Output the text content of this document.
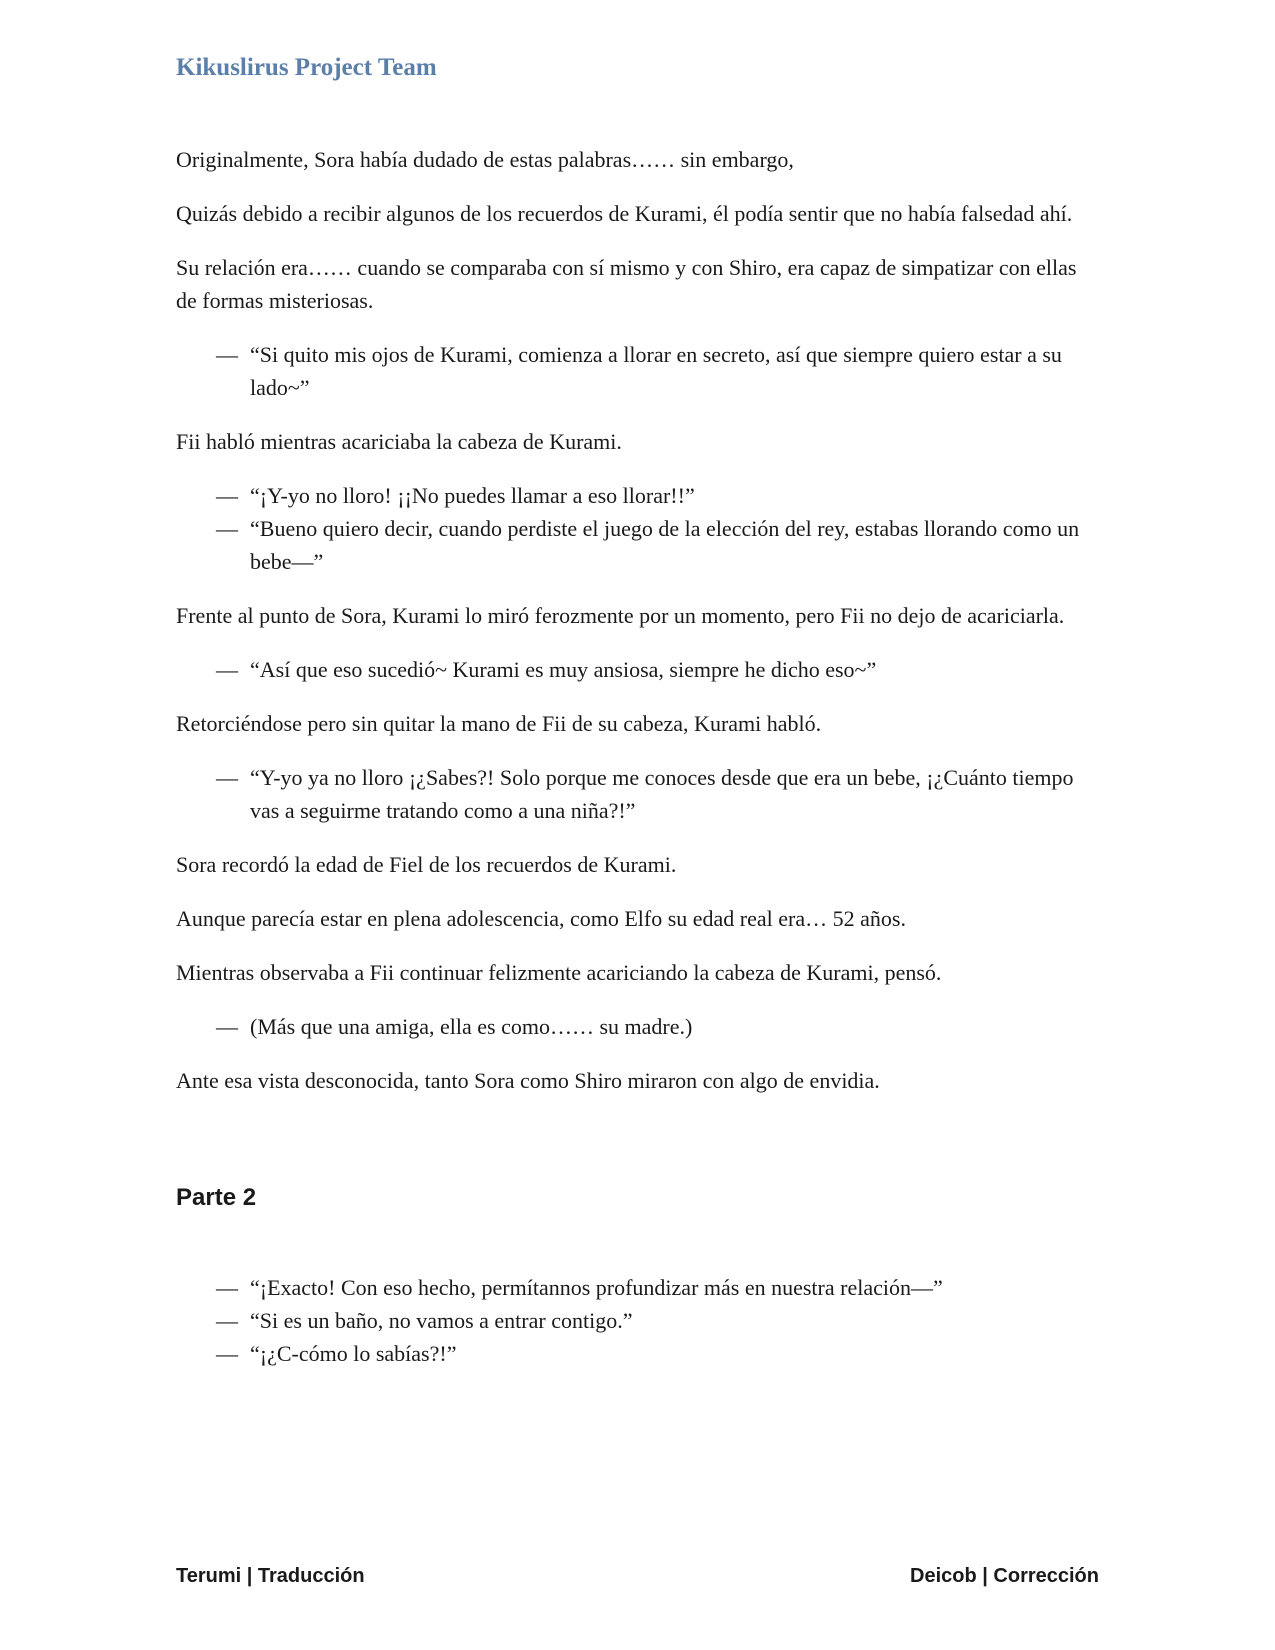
Kikuslirus Project Team

Originalmente, Sora había dudado de estas palabras…… sin embargo,

Quizás debido a recibir algunos de los recuerdos de Kurami, él podía sentir que no había falsedad ahí.

Su relación era…… cuando se comparaba con sí mismo y con Shiro, era capaz de simpatizar con ellas de formas misteriosas.

— “Si quito mis ojos de Kurami, comienza a llorar en secreto, así que siempre quiero estar a su lado~”

Fii habló mientras acariciaba la cabeza de Kurami.

— “¡Y-yo no lloro! ¡¡No puedes llamar a eso llorar!!”

— “Bueno quiero decir, cuando perdiste el juego de la elección del rey, estabas llorando como un bebe—”

Frente al punto de Sora, Kurami lo miró ferozmente por un momento, pero Fii no dejo de acariciarla.

— “Así que eso sucedió~ Kurami es muy ansiosa, siempre he dicho eso~”

Retorciéndose pero sin quitar la mano de Fii de su cabeza, Kurami habló.

— “Y-yo ya no lloro ¡¿Sabes?! Solo porque me conoces desde que era un bebe, ¡¿Cuánto tiempo vas a seguirme tratando como a una niña?!”

Sora recordó la edad de Fiel de los recuerdos de Kurami.

Aunque parecía estar en plena adolescencia, como Elfo su edad real era… 52 años.

Mientras observaba a Fii continuar felizmente acariciando la cabeza de Kurami, pensó.

— (Más que una amiga, ella es como…… su madre.)

Ante esa vista desconocida, tanto Sora como Shiro miraron con algo de envidia.

Parte 2

— “¡Exacto! Con eso hecho, permítannos profundizar más en nuestra relación—”

— “Si es un baño, no vamos a entrar contigo.”

— “¡¿C-cómo lo sabías?!”

Terumi | Traducción	Deicob | Corrección
